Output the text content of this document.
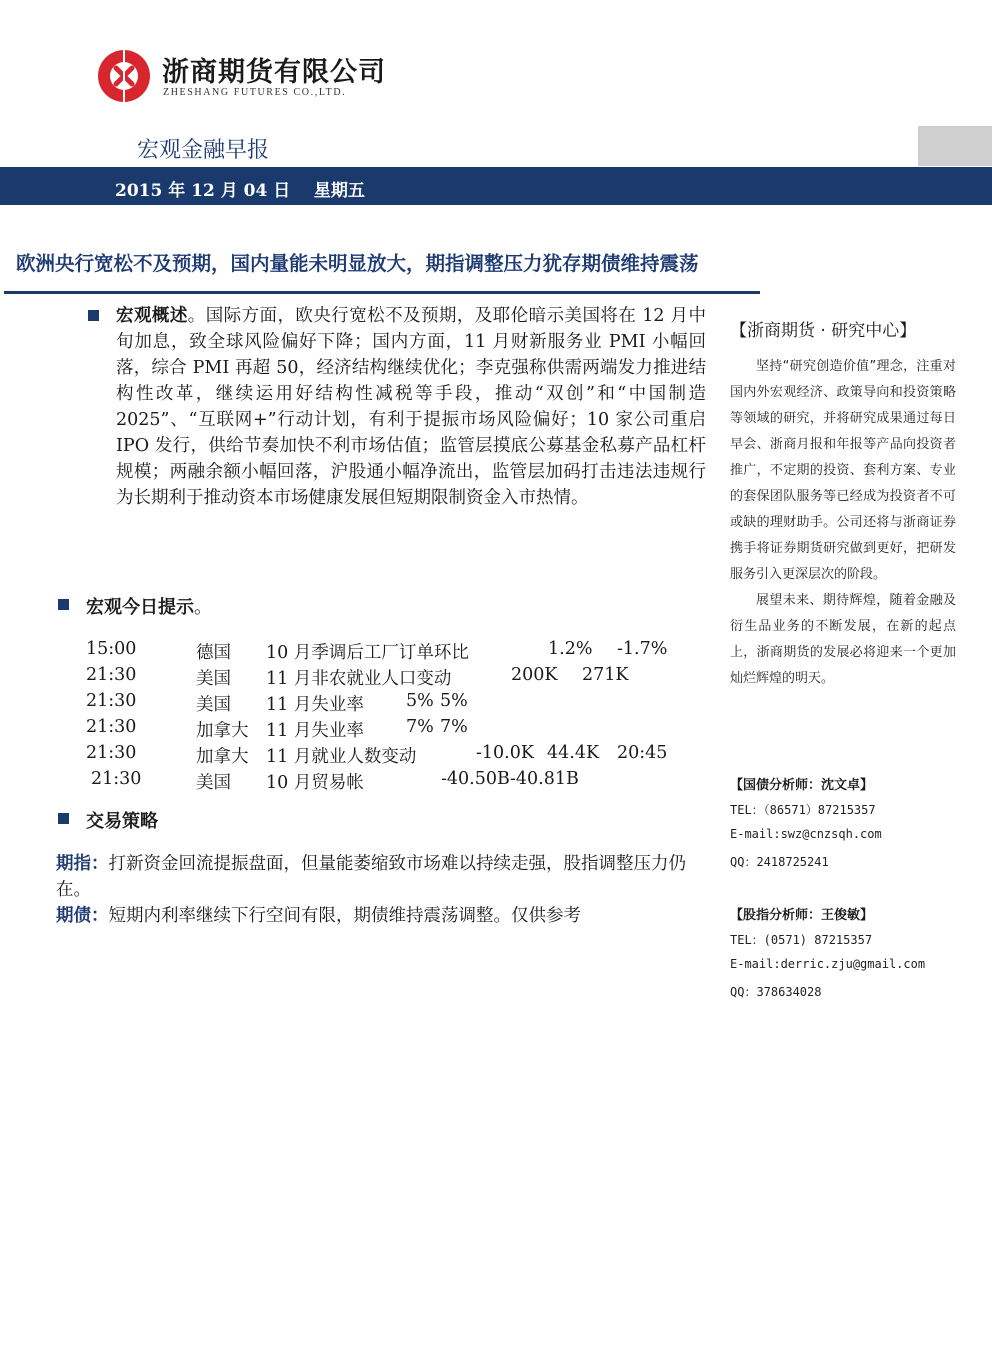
浙商期货有限公司
ZHESHANG FUTURES CO.,LTD.
宏观金融早报
2015 年 12 月 04 日    星期五
欧洲央行宽松不及预期，国内量能未明显放大，期指调整压力犹存期债维持震荡
宏观概述。国际方面，欧央行宽松不及预期，及耶伦暗示美国将在 12 月中旬加息，致全球风险偏好下降；国内方面，11 月财新服务业 PMI 小幅回落，综合 PMI 再超 50，经济结构继续优化；李克强称供需两端发力推进结构性改革，继续运用好结构性减税等手段，推动“双创”和“中国制造 2025”、“互联网+”行动计划，有利于提振市场风险偏好；10 家公司重启 IPO 发行，供给节奏加快不利市场估值；监管层摸底公募基金私募产品杠杆规模；两融余额小幅回落，沪股通小幅净流出，监管层加码打击违法违规行为长期利于推动资本市场健康发展但短期限制资金入市热情。
宏观今日提示。
15:00	德国 10 月季调后工厂订单环比	1.2% -1.7%
21:30	美国 11 月非农就业人口变动	200K 271K
21:30	美国 11 月失业率 5% 5%
21:30	加拿大 11 月失业率 7% 7%
21:30	加拿大 11 月就业人数变动	-10.0K 44.4K 20:45
21:30	美国 10 月贸易帐	-40.50B -40.81B
交易策略
期指：打新资金回流提振盘面，但量能萎缩致市场难以持续走强，股指调整压力仍在。
期债：短期内利率继续下行空间有限，期债维持震荡调整。仅供参考
【浙商期货 · 研究中心】

坚持“研究创造价值”理念，注重对国内外宏观经济、政策导向和投资策略等领域的研究，并将研究成果通过每日早会、浙商月报和年报等产品向投资者推广，不定期的投资、套利方案、专业的套保团队服务等已经成为投资者不可或缺的理财助手。公司还将与浙商证券携手将证券期货研究做到更好，把研发服务引入更深层次的阶段。

展望未来、期待辉煌，随着金融及衍生品业务的不断发展，在新的起点上，浙商期货的发展必将迎来一个更加灿烂辉煌的明天。

【国债分析师：沈文卓】
TEL：（86571）87215357
E-mail:swz@cnzsqh.com
QQ：2418725241
【股指分析师：王俊敏】
TEL：(0571) 87215357
E-mail:derric.zju@gmail.com
QQ：378634028
